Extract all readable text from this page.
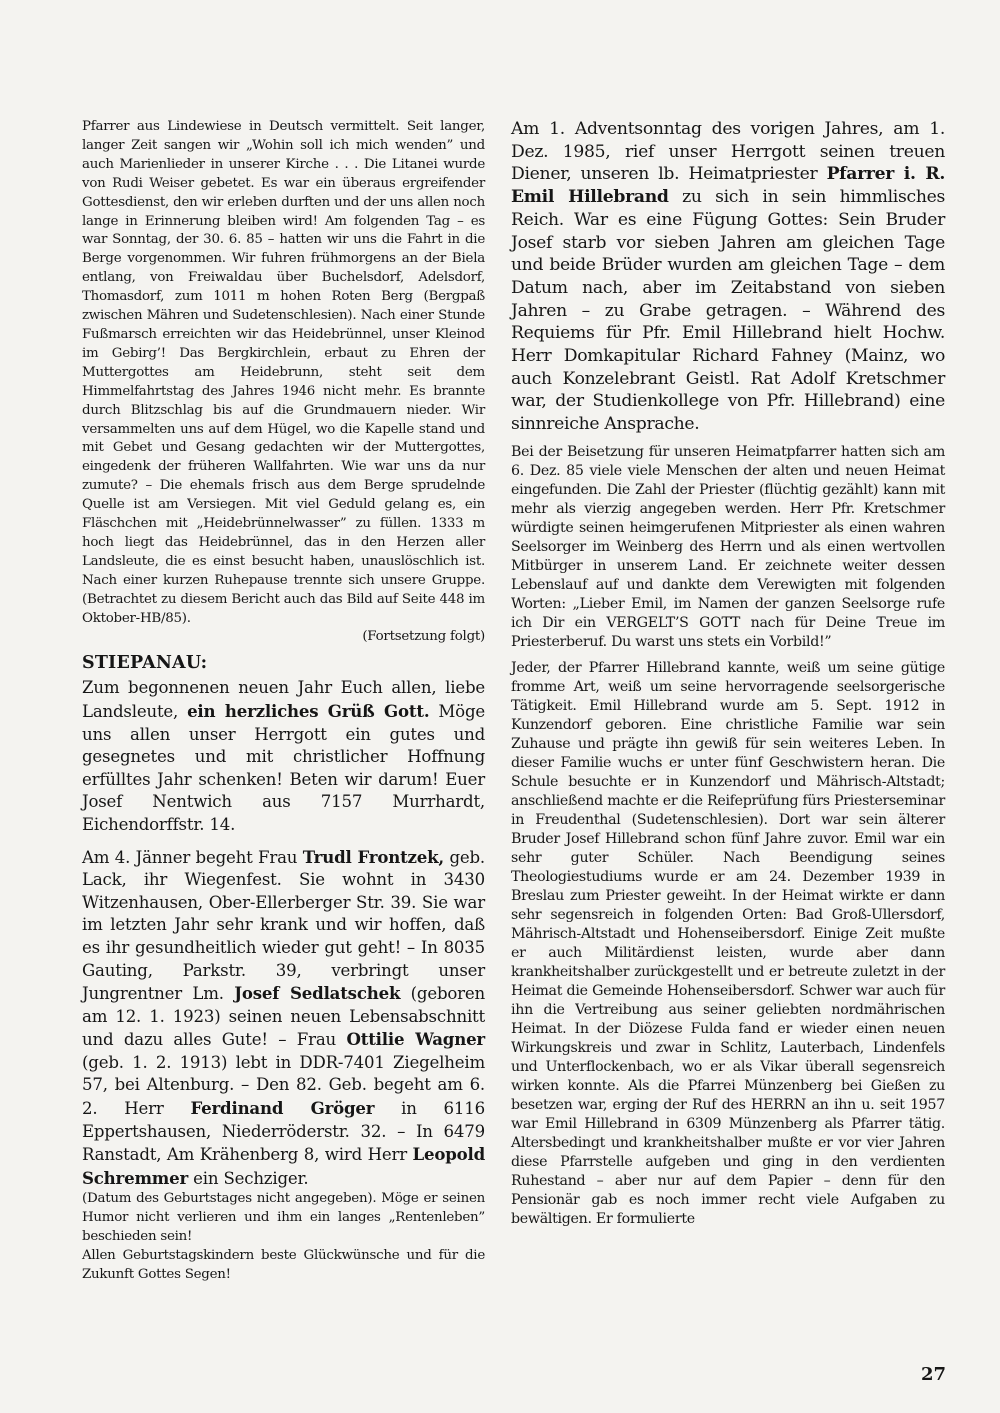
Pfarrer aus Lindewiese in Deutsch vermittelt. Seit langer, langer Zeit sangen wir „Wohin soll ich mich wenden” und auch Marienlieder in unserer Kirche . . . Die Litanei wurde von Rudi Weiser gebetet. Es war ein überaus ergreifender Gottesdienst, den wir erleben durften und der uns allen noch lange in Erinnerung bleiben wird! Am folgenden Tag – es war Sonntag, der 30. 6. 85 – hatten wir uns die Fahrt in die Berge vorgenommen. Wir fuhren frühmorgens an der Biela entlang, von Freiwaldau über Buchelsdorf, Adelsdorf, Thomasdorf, zum 1011 m hohen Roten Berg (Bergpaß zwischen Mähren und Sudetenschlesien). Nach einer Stunde Fußmarsch erreichten wir das Heidebrünnel, unser Kleinod im Gebirg’! Das Bergkirchlein, erbaut zu Ehren der Muttergottes am Heidebrunn, steht seit dem Himmelfahrtstag des Jahres 1946 nicht mehr. Es brannte durch Blitzschlag bis auf die Grundmauern nieder. Wir versammelten uns auf dem Hügel, wo die Kapelle stand und mit Gebet und Gesang gedachten wir der Muttergottes, eingedenk der früheren Wallfahrten. Wie war uns da nur zumute? – Die ehemals frisch aus dem Berge sprudelnde Quelle ist am Versiegen. Mit viel Geduld gelang es, ein Fläschchen mit „Heidebrünnelwasser” zu füllen. 1333 m hoch liegt das Heidebrünnel, das in den Herzen aller Landsleute, die es einst besucht haben, unauslöschlich ist. Nach einer kurzen Ruhepause trennte sich unsere Gruppe. (Betrachtet zu diesem Bericht auch das Bild auf Seite 448 im Oktober-HB/85).

(Fortsetzung folgt)

STIEPANAU:

Zum begonnenen neuen Jahr Euch allen, liebe Landsleute, ein herzliches Grüß Gott. Möge uns allen unser Herrgott ein gutes und gesegnetes und mit christlicher Hoffnung erfülltes Jahr schenken! Beten wir darum! Euer Josef Nentwich aus 7157 Murrhardt, Eichendorffstr. 14.

Am 4. Jänner begeht Frau Trudl Frontzek, geb. Lack, ihr Wiegenfest. Sie wohnt in 3430 Witzenhausen, Ober-Ellerberger Str. 39. Sie war im letzten Jahr sehr krank und wir hoffen, daß es ihr gesundheitlich wieder gut geht! – In 8035 Gauting, Parkstr. 39, verbringt unser Jungrentner Lm. Josef Sedlatschek (geboren am 12. 1. 1923) seinen neuen Lebensabschnitt und dazu alles Gute! – Frau Ottilie Wagner (geb. 1. 2. 1913) lebt in DDR-7401 Ziegelheim 57, bei Altenburg. – Den 82. Geb. begeht am 6. 2. Herr Ferdinand Gröger in 6116 Eppertshausen, Niederröderstr. 32. – In 6479 Ranstadt, Am Krähenberg 8, wird Herr Leopold Schremmer ein Sechziger.

(Datum des Geburtstages nicht angegeben). Möge er seinen Humor nicht verlieren und ihm ein langes „Rentenleben” beschieden sein!

Allen Geburtstagskindern beste Glückwünsche und für die Zukunft Gottes Segen!

Am 1. Adventsonntag des vorigen Jahres, am 1. Dez. 1985, rief unser Herrgott seinen treuen Diener, unseren lb. Heimatpriester Pfarrer i. R. Emil Hillebrand zu sich in sein himmlisches Reich. War es eine Fügung Gottes: Sein Bruder Josef starb vor sieben Jahren am gleichen Tage und beide Brüder wurden am gleichen Tage – dem Datum nach, aber im Zeitabstand von sieben Jahren – zu Grabe getragen. – Während des Requiems für Pfr. Emil Hillebrand hielt Hochw. Herr Domkapitular Richard Fahney (Mainz, wo auch Konzelebrant Geistl. Rat Adolf Kretschmer war, der Studienkollege von Pfr. Hillebrand) eine sinnreiche Ansprache.

Bei der Beisetzung für unseren Heimatpfarrer hatten sich am 6. Dez. 85 viele viele Menschen der alten und neuen Heimat eingefunden. Die Zahl der Priester (flüchtig gezählt) kann mit mehr als vierzig angegeben werden. Herr Pfr. Kretschmer würdigte seinen heimgerufenen Mitpriester als einen wahren Seelsorger im Weinberg des Herrn und als einen wertvollen Mitbürger in unserem Land. Er zeichnete weiter dessen Lebenslauf auf und dankte dem Verewigten mit folgenden Worten: „Lieber Emil, im Namen der ganzen Seelsorge rufe ich Dir ein VERGELT’S GOTT nach für Deine Treue im Priesterberuf. Du warst uns stets ein Vorbild!”

Jeder, der Pfarrer Hillebrand kannte, weiß um seine gütige fromme Art, weiß um seine hervorragende seelsorgerische Tätigkeit. Emil Hillebrand wurde am 5. Sept. 1912 in Kunzendorf geboren. Eine christliche Familie war sein Zuhause und prägte ihn gewiß für sein weiteres Leben. In dieser Familie wuchs er unter fünf Geschwistern heran. Die Schule besuchte er in Kunzendorf und Mährisch-Altstadt; anschließend machte er die Reifeprüfung fürs Priesterseminar in Freudenthal (Sudetenschlesien). Dort war sein älterer Bruder Josef Hillebrand schon fünf Jahre zuvor. Emil war ein sehr guter Schüler. Nach Beendigung seines Theologiestudiums wurde er am 24. Dezember 1939 in Breslau zum Priester geweiht. In der Heimat wirkte er dann sehr segensreich in folgenden Orten: Bad Groß-Ullersdorf, Mährisch-Altstadt und Hohenseibersdorf. Einige Zeit mußte er auch Militärdienst leisten, wurde aber dann krankheitshalber zurückgestellt und er betreute zuletzt in der Heimat die Gemeinde Hohenseibersdorf. Schwer war auch für ihn die Vertreibung aus seiner geliebten nordmährischen Heimat. In der Diözese Fulda fand er wieder einen neuen Wirkungskreis und zwar in Schlitz, Lauterbach, Lindenfels und Unterflockenbach, wo er als Vikar überall segensreich wirken konnte. Als die Pfarrei Münzenberg bei Gießen zu besetzen war, erging der Ruf des HERRN an ihn u. seit 1957 war Emil Hillebrand in 6309 Münzenberg als Pfarrer tätig. Altersbedingt und krankheitshalber mußte er vor vier Jahren diese Pfarrstelle aufgeben und ging in den verdienten Ruhestand – aber nur auf dem Papier – denn für den Pensionär gab es noch immer recht viele Aufgaben zu bewältigen. Er formulierte

27
